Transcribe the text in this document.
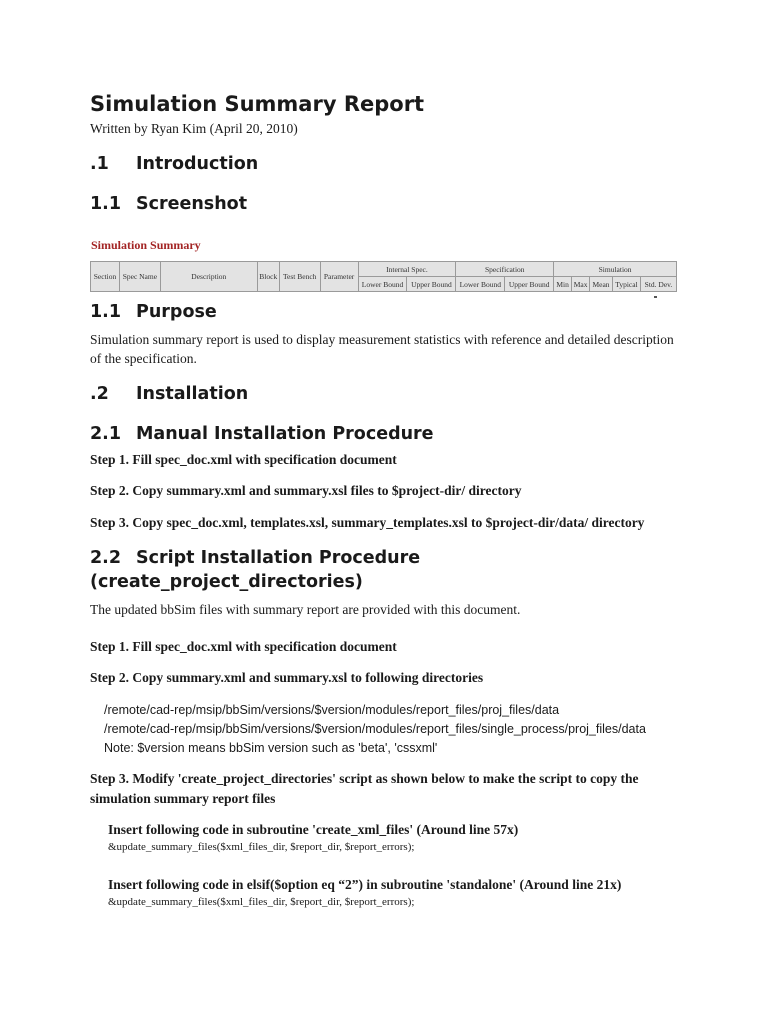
Simulation Summary Report
Written by Ryan Kim (April 20, 2010)
.1 Introduction
1.1 Screenshot
Simulation Summary
Section	Spec Name	Description	Block	Test Bench	Parameter	Internal Spec.		Specification		Simulation				
						Lower Bound	Upper Bound	Lower Bound	Upper Bound	Min	Max	Mean	Typical	Std. Dev.
1.1 Purpose
Simulation summary report is used to display measurement statistics with reference and detailed description of the specification.
.2 Installation
2.1 Manual Installation Procedure
Step 1. Fill spec_doc.xml with specification document
Step 2. Copy summary.xml and summary.xsl files to $project-dir/ directory
Step 3. Copy spec_doc.xml, templates.xsl, summary_templates.xsl to $project-dir/data/ directory
2.2 Script Installation Procedure
(create_project_directories)
The updated bbSim files with summary report are provided with this document.
Step 1. Fill spec_doc.xml with specification document
Step 2. Copy summary.xml and summary.xsl to following directories
/remote/cad-rep/msip/bbSim/versions/$version/modules/report_files/proj_files/data
/remote/cad-rep/msip/bbSim/versions/$version/modules/report_files/single_process/proj_files/data
Note: $version means bbSim version such as 'beta', 'cssxml'
Step 3. Modify 'create_project_directories' script as shown below to make the script to copy the
simulation summary report files
Insert following code in subroutine 'create_xml_files' (Around line 57x)
&update_summary_files($xml_files_dir, $report_dir, $report_errors);
Insert following code in elsif($option eq “2”) in subroutine 'standalone' (Around line 21x)
&update_summary_files($xml_files_dir, $report_dir, $report_errors);
